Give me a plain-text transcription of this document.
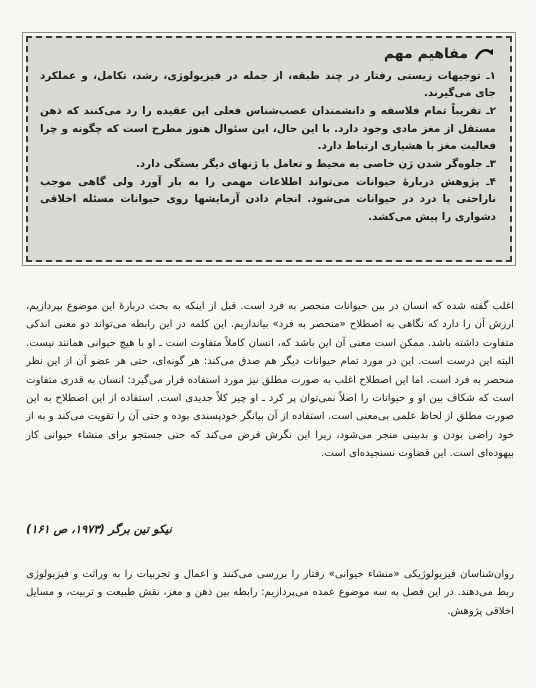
مفاهیم مهم

۱ـ توجیهات زیستی رفتار در چند طبقه، از جمله در فیزیولوژی، رشد، تکامل، و عملکرد جای می‌گیرند.

۲ـ تقریباً تمام فلاسفه و دانشمندان عصب‌شناس فعلی این عقیده را رد می‌کنند که ذهن مستقل از مغز مادی وجود دارد. با این حال، این سئوال هنوز مطرح است که چگونه و چرا فعالیت مغز با هشیاری ارتباط دارد.

۳ـ جلوه‌گر شدن ژن خاصی به محیط و تعامل با ژنهای دیگر بستگی دارد.

۴ـ پژوهش دربارهٔ حیوانات می‌تواند اطلاعات مهمی را به بار آورد ولی گاهی موجب ناراحتی یا درد در حیوانات می‌شود. انجام دادن آزمایشها روی حیوانات مسئله اخلاقی دشواری را پیش می‌کشد.

اغلب گفته شده که انسان در بین حیوانات منحصر به فرد است. قبل از اینکه به بحث دربارهٔ این موضوع بپردازیم، ارزش آن را دارد که نگاهی به اصطلاح «منحصر به فرد» بیاندازیم. این کلمه در این رابطه می‌تواند دو معنی اندکی متفاوت داشته باشد. ممکن است معنی آن این باشد که، انسان کاملاً متفاوت است ـ او با هیچ حیوانی همانند نیست. البته این درست است. این در مورد تمام حیوانات دیگر هم صدق می‌کند: هر گونه‌ای، حتی هر عضو آن از این نظر منحصر به فرد است. اما این اصطلاح اغلب به صورت مطلق نیز مورد استفاده قرار می‌گیرد: انسان به قدری متفاوت است که شکاف بین او و حیوانات را اصلاً نمی‌توان پر کرد ـ او چیز کلاً جدیدی است. استفاده از این اصطلاح به این صورت مطلق از لحاظ علمی بی‌معنی است. استفاده از آن بیانگر خودپسندی بوده و حتی آن را تقویت می‌کند و به از خود راضی بودن و بدبینی منجر می‌شود، زیرا این نگرش فرض می‌کند که حتی جستجو برای منشاء حیوانی کار بیهوده‌ای است. این قضاوت نسنجیده‌ای است.

نیکو تین برگر (۱۹۷۳، ص ۱۶۱)

روان‌شناسان فیزیولوژیکی «منشاء حیوانی» رفتار را بررسی می‌کنند و اعمال و تجربیات را به وراثت و فیزیولوژی ربط می‌دهند. در این فصل به سه موضوع عمده می‌پردازیم: رابطه بین ذهن و مغز، نقش طبیعت و تربیت، و مسایل اخلاقی پژوهش.
